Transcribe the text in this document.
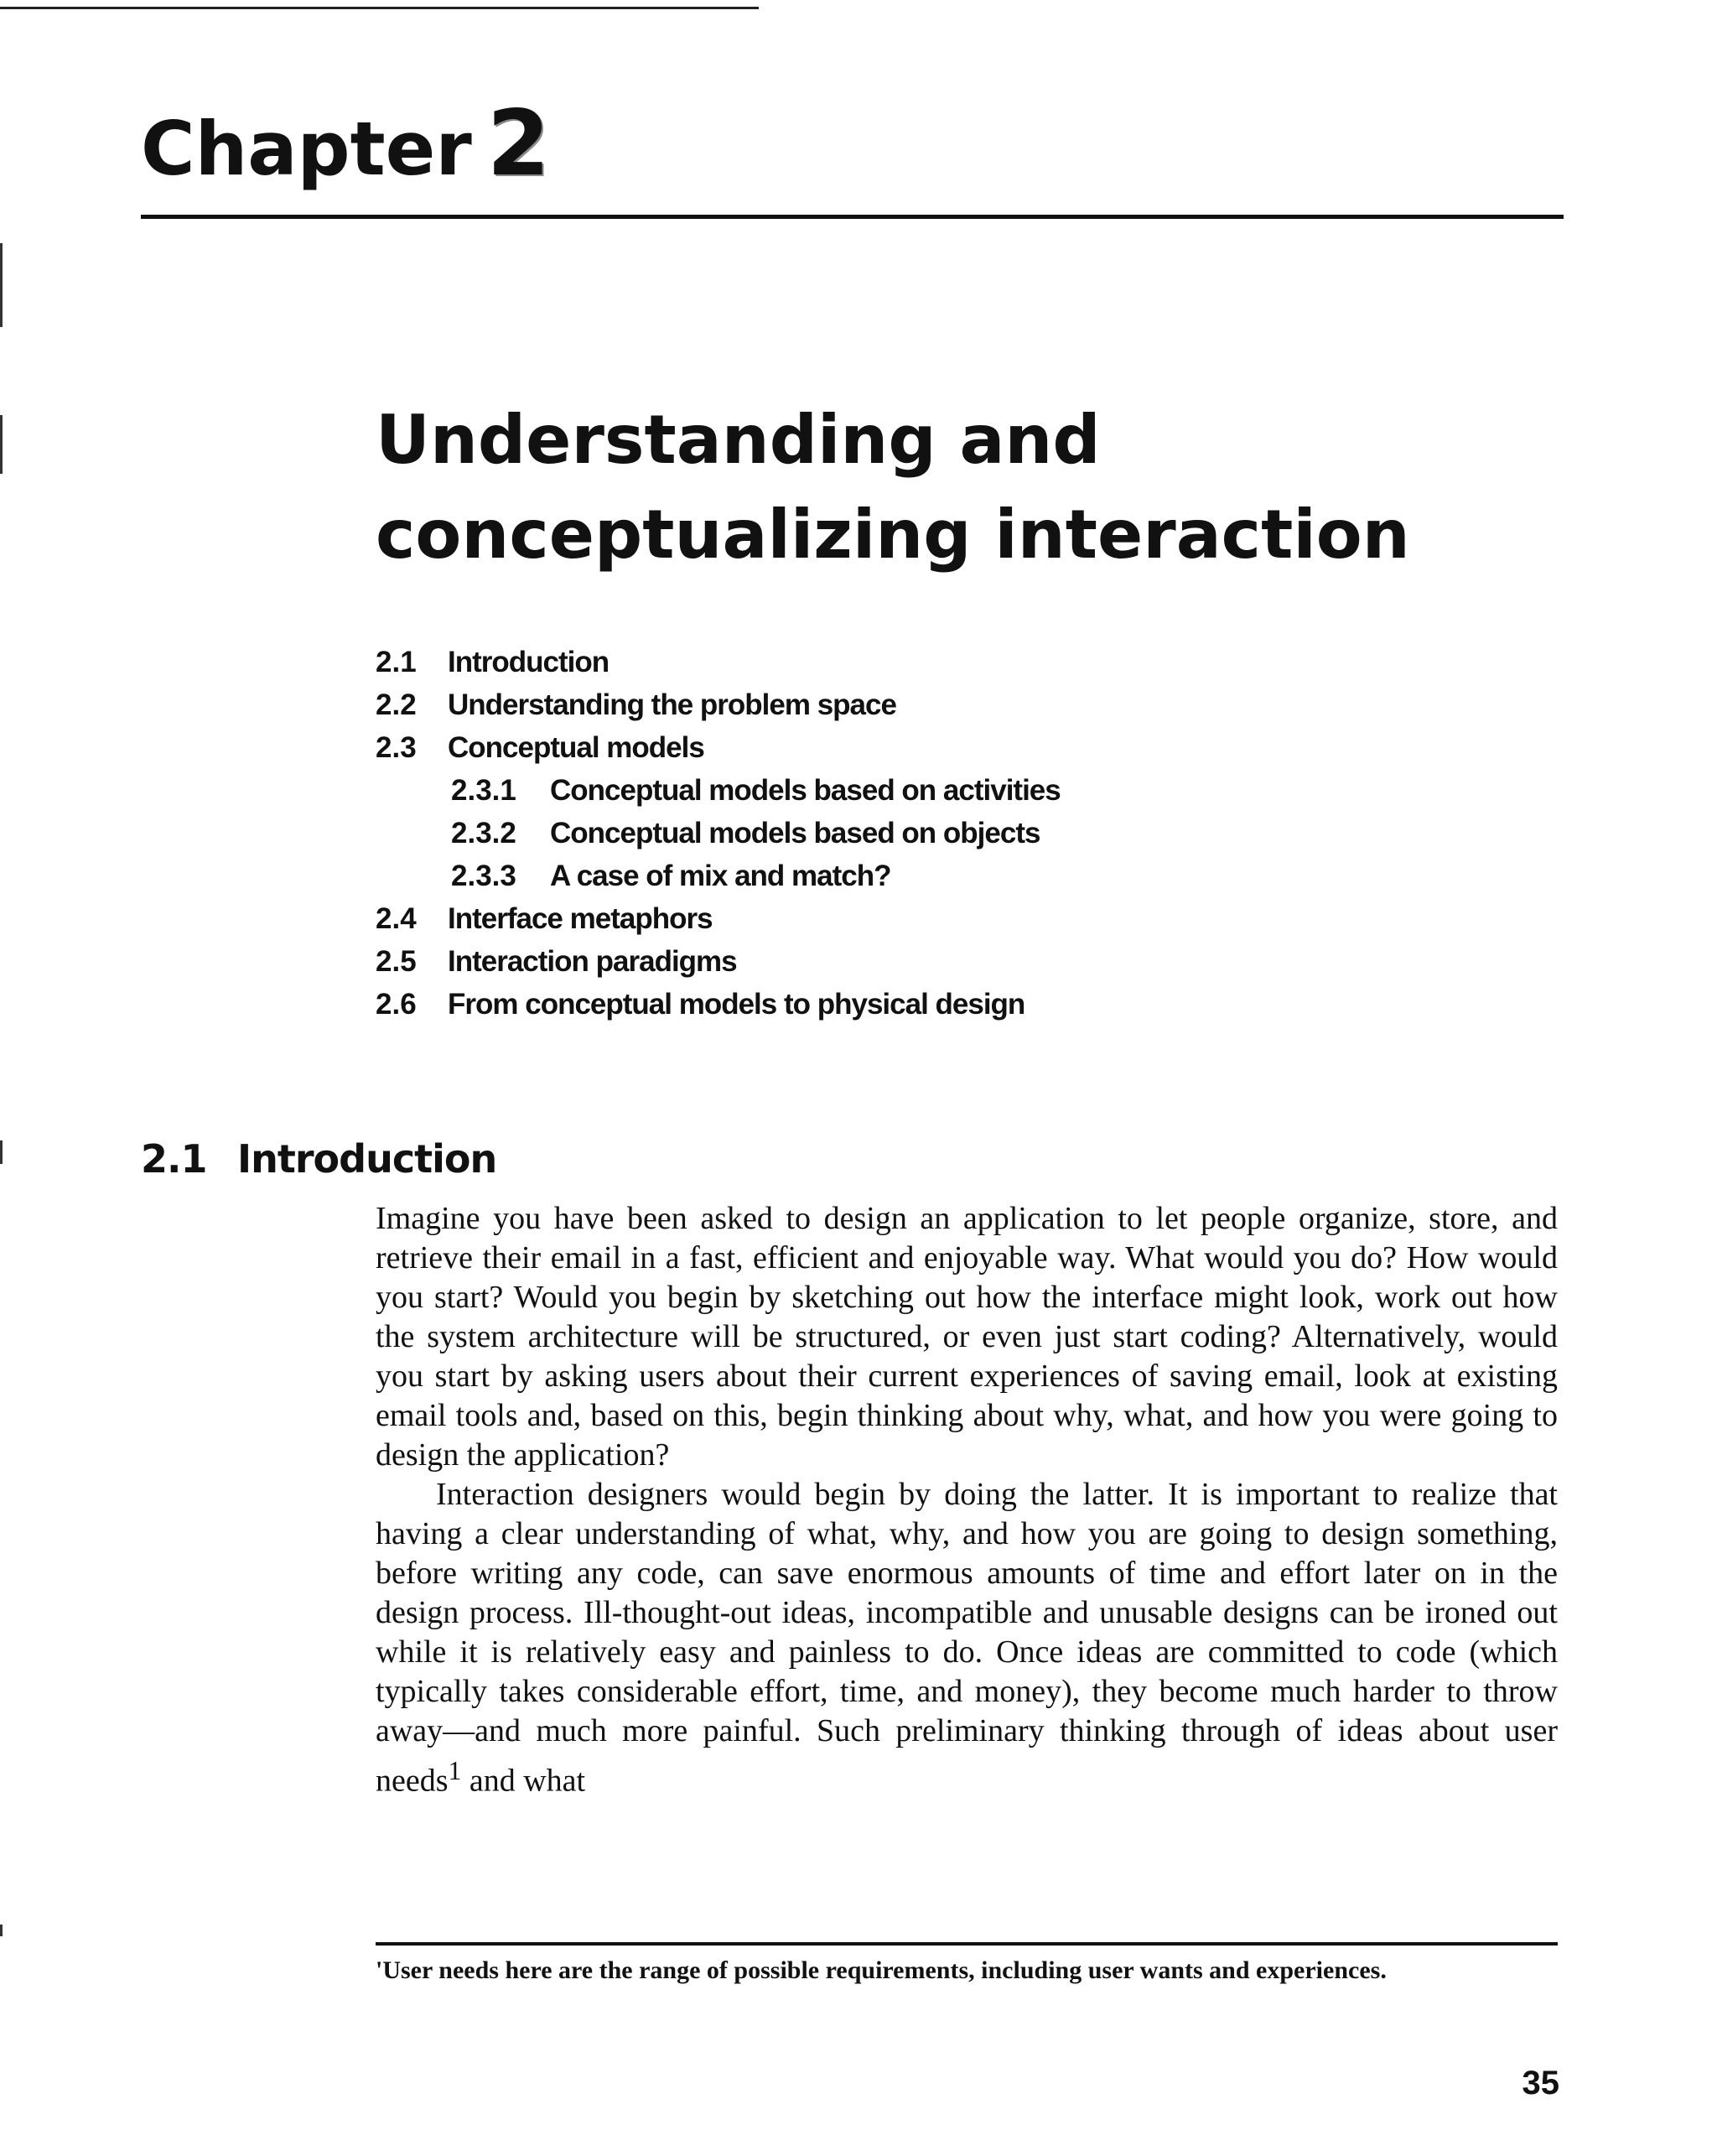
Chapter 2
Understanding and
conceptualizing interaction
2.1 Introduction
2.2 Understanding the problem space
2.3 Conceptual models
2.3.1 Conceptual models based on activities
2.3.2 Conceptual models based on objects
2.3.3 A case of mix and match?
2.4 Interface metaphors
2.5 Interaction paradigms
2.6 From conceptual models to physical design
2.1 Introduction

Imagine you have been asked to design an application to let people organize, store, and retrieve their email in a fast, efficient and enjoyable way. What would you do? How would you start? Would you begin by sketching out how the interface might look, work out how the system architecture will be structured, or even just start coding? Alternatively, would you start by asking users about their current experiences of saving email, look at existing email tools and, based on this, begin thinking about why, what, and how you were going to design the application?

Interaction designers would begin by doing the latter. It is important to realize that having a clear understanding of what, why, and how you are going to design something, before writing any code, can save enormous amounts of time and effort later on in the design process. Ill-thought-out ideas, incompatible and unusable designs can be ironed out while it is relatively easy and painless to do. Once ideas are committed to code (which typically takes considerable effort, time, and money), they become much harder to throw away—and much more painful. Such preliminary thinking through of ideas about user needs$^1$ and what

'User needs here are the range of possible requirements, including user wants and experiences.
35
